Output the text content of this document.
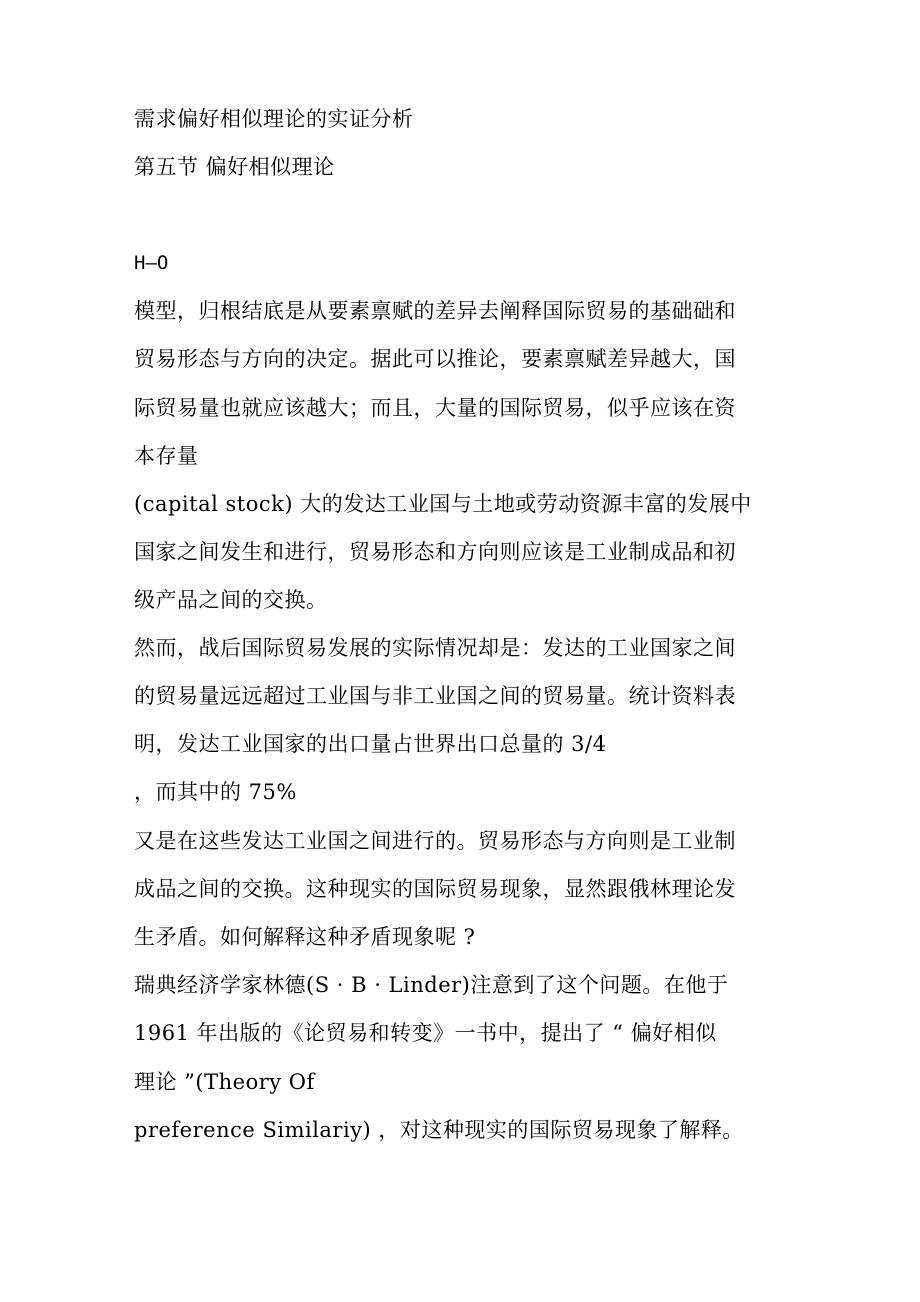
需求偏好相似理论的实证分析
第五节 偏好相似理论
H—O
模型，归根结底是从要素禀赋的差异去阐释国际贸易的基础础和
贸易形态与方向的决定。据此可以推论，要素禀赋差异越大，国
际贸易量也就应该越大；而且，大量的国际贸易，似乎应该在资
本存量
(capital stock) 大的发达工业国与土地或劳动资源丰富的发展中
国家之间发生和进行，贸易形态和方向则应该是工业制成品和初
级产品之间的交换。
然而，战后国际贸易发展的实际情况却是：发达的工业国家之间
的贸易量远远超过工业国与非工业国之间的贸易量。统计资料表
明，发达工业国家的出口量占世界出口总量的 3/4
，而其中的 75%
又是在这些发达工业国之间进行的。贸易形态与方向则是工业制
成品之间的交换。这种现实的国际贸易现象，显然跟俄林理论发
生矛盾。如何解释这种矛盾现象呢 ?
瑞典经济学家林德(S · B · Linder)注意到了这个问题。在他于
1961 年出版的《论贸易和转变》一书中，提出了 “ 偏好相似
理论 ”(Theory Of
preference Similariy) ，对这种现实的国际贸易现象了解释。
